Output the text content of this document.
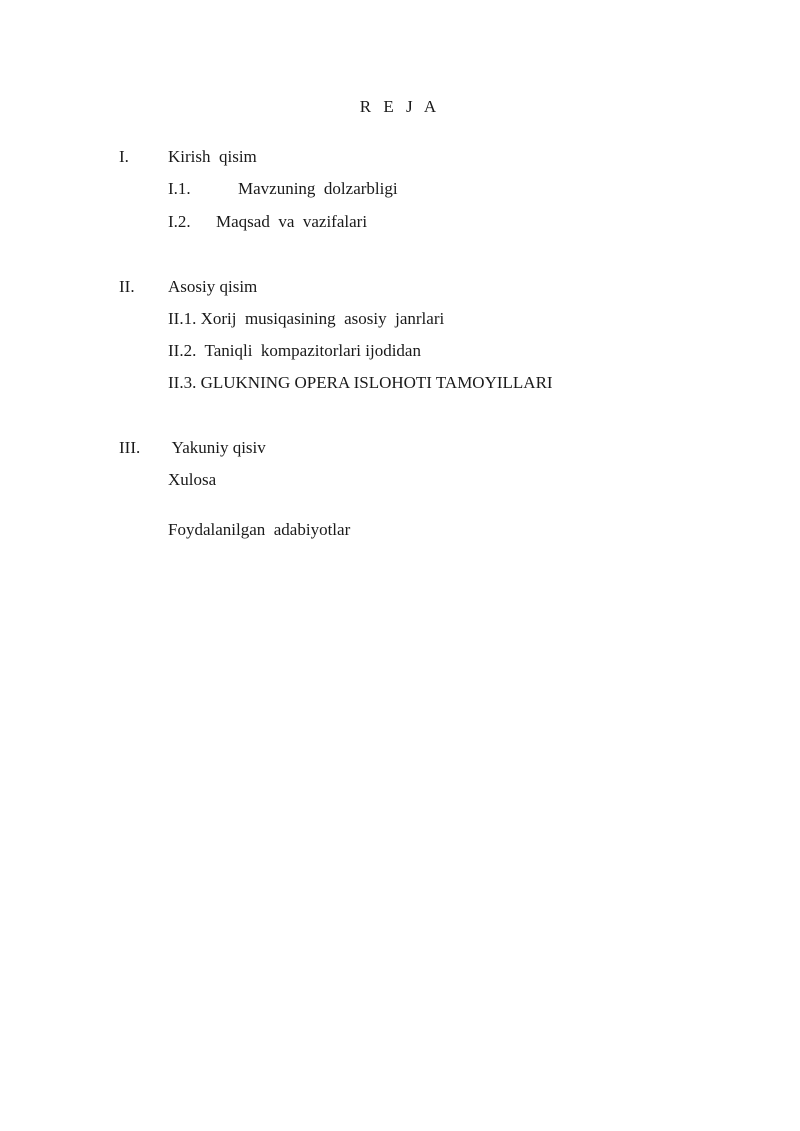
R E J A
I. Kirish  qisim
I.1.	Mavzuning  dolzarbligi
I.2. Maqsad  va  vazifalari
II. Asosiy qisim
II.1. Xorij  musiqasining  asosiy  janrlari
II.2.  Taniqli  kompazitorlari ijodidan
II.3. GLUKNING OPERA ISLOHOTI TAMOYILLARI
III. Yakuniy qisiv
Xulosa
Foydalanilgan  adabiyotlar
